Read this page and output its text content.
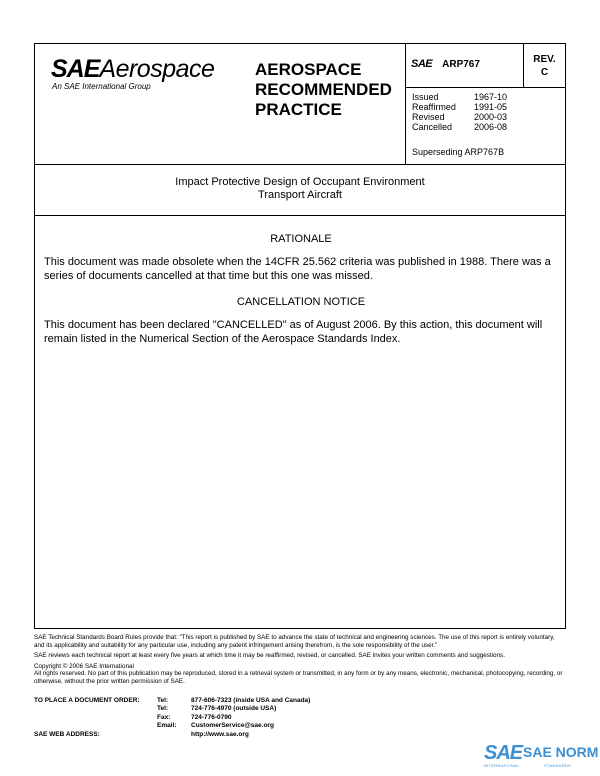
SAEAerospace
An SAE International Group
AEROSPACE
RECOMMENDED
PRACTICE
SAE ARP767	REV.
C
Issued	1967-10
Reaffirmed 1991-05
Revised	2000-03
Cancelled 2006-08
Superseding ARP767B
Impact Protective Design of Occupant Environment
Transport Aircraft
RATIONALE
This document was made obsolete when the 14CFR 25.562 criteria was published in 1988. There was a series of documents cancelled at that time but this one was missed.
CANCELLATION NOTICE
This document has been declared "CANCELLED" as of August 2006. By this action, this document will remain listed in the Numerical Section of the Aerospace Standards Index.
SAE Technical Standards Board Rules provide that: "This report is published by SAE to advance the state of technical and engineering sciences. The use of this report is entirely voluntary, and its applicability and suitability for any particular use, including any patent infringement arising therefrom, is the sole responsibility of the user."
SAE reviews each technical report at least every five years at which time it may be reaffirmed, revised, or cancelled. SAE invites your written comments and suggestions.
Copyright © 2006 SAE International
All rights reserved. No part of this publication may be reproduced, stored in a retrieval system or transmitted, in any form or by any means, electronic, mechanical, photocopying, recording, or otherwise, without the prior written permission of SAE.
TO PLACE A DOCUMENT ORDER:	Tel:	877-606-7323 (inside USA and Canada)
Tel:	724-776-4970 (outside USA)
Fax:	724-776-0790
Email: CustomerService@sae.org
SAE WEB ADDRESS:	http://www.sae.org
SAE SAE NORM
INTERNATIONAL	STANDARDS
